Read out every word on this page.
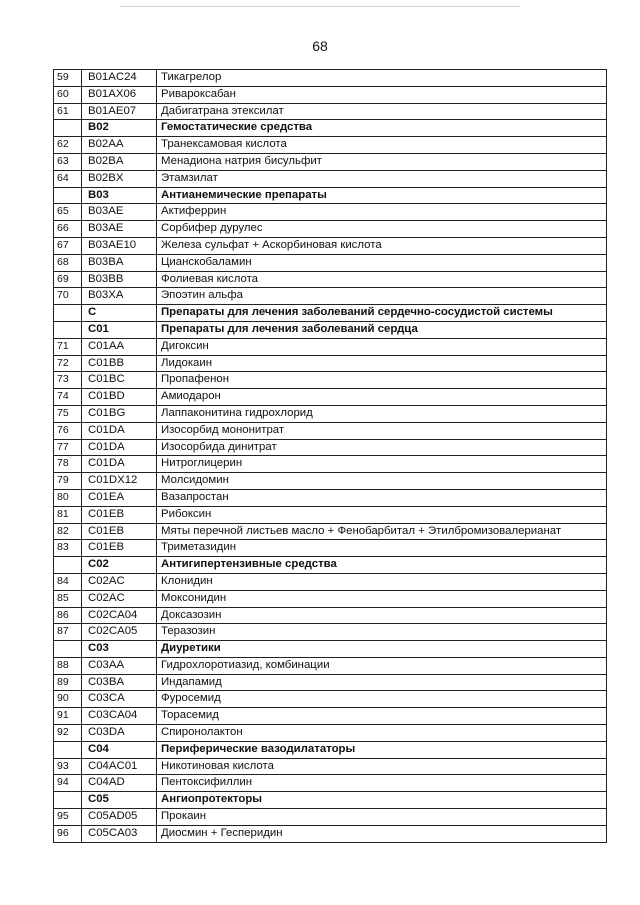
68
59	B01AC24	Тикагрелор
60	B01AX06	Ривароксабан
61	B01AE07	Дабигатрана этексилат
	B02	Гемостатические средства
62	B02AA	Транексамовая кислота
63	B02BA	Менадиона натрия бисульфит
64	B02BX	Этамзилат
	B03	Антианемические препараты
65	B03AE	Актиферрин
66	B03AE	Сорбифер дурулес
67	B03AE10	Железа сульфат + Аскорбиновая кислота
68	B03BA	Цианскобаламин
69	B03BB	Фолиевая кислота
70	B03XA	Эпоэтин альфа
	C	Препараты для лечения заболеваний сердечно-сосудистой системы
	C01	Препараты для лечения заболеваний сердца
71	C01AA	Дигоксин
72	C01BB	Лидокаин
73	C01BC	Пропафенон
74	C01BD	Амиодарон
75	C01BG	Лаппаконитина гидрохлорид
76	C01DA	Изосорбид мононитрат
77	C01DA	Изосорбида динитрат
78	C01DA	Нитроглицерин
79	C01DX12	Молсидомин
80	C01EA	Вазапростан
81	C01EB	Рибоксин
82	C01EB	Мяты перечной листьев масло + Фенобарбитал + Этилбромизовалерианат
83	C01EB	Триметазидин
	C02	Антигипертензивные средства
84	C02AC	Клонидин
85	C02AC	Моксонидин
86	C02CA04	Доксазозин
87	C02CA05	Теразозин
	C03	Диуретики
88	C03AA	Гидрохлоротиазид, комбинации
89	C03BA	Индапамид
90	C03CA	Фуросемид
91	C03CA04	Торасемид
92	C03DA	Спиронолактон
	C04	Периферические вазодилататоры
93	C04AC01	Никотиновая кислота
94	C04AD	Пентоксифиллин
	C05	Ангиопротекторы
95	C05AD05	Прокаин
96	C05CA03	Диосмин + Гесперидин
